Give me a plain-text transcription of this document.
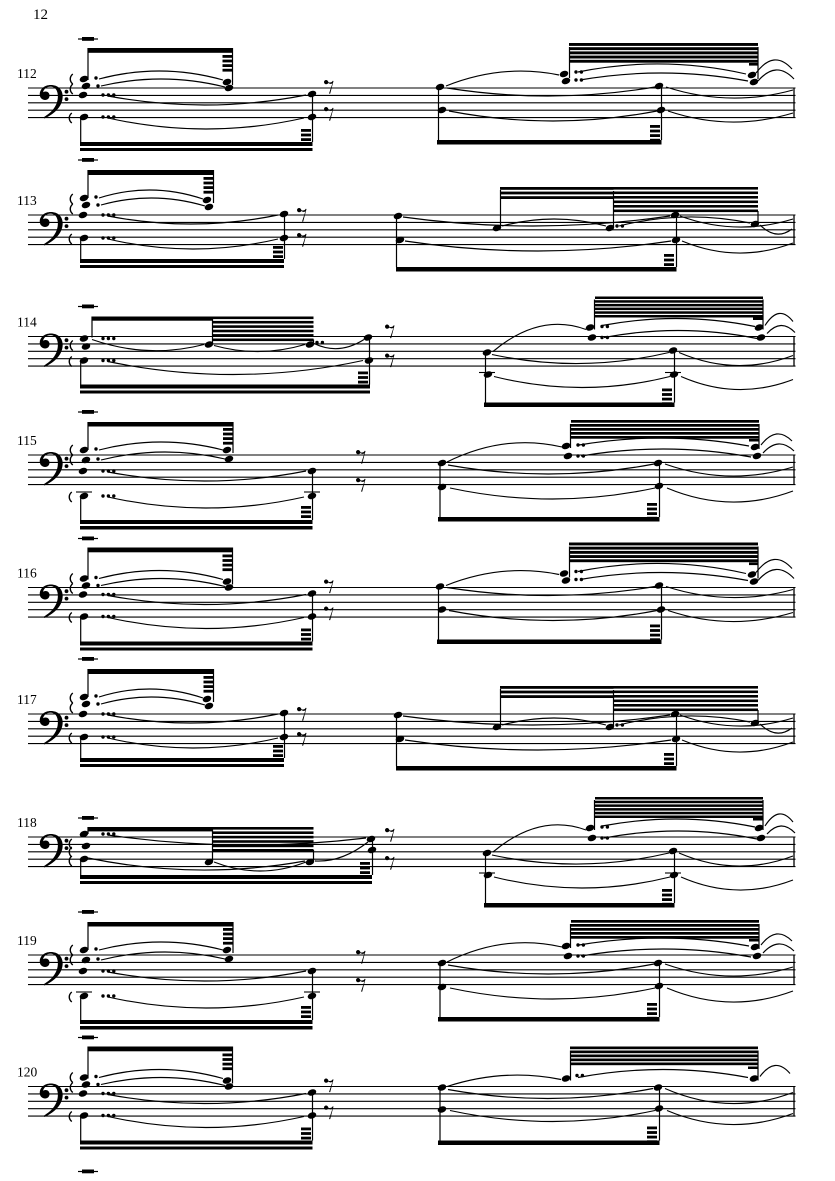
12
112
113
114
115
116
117
118
119
120
